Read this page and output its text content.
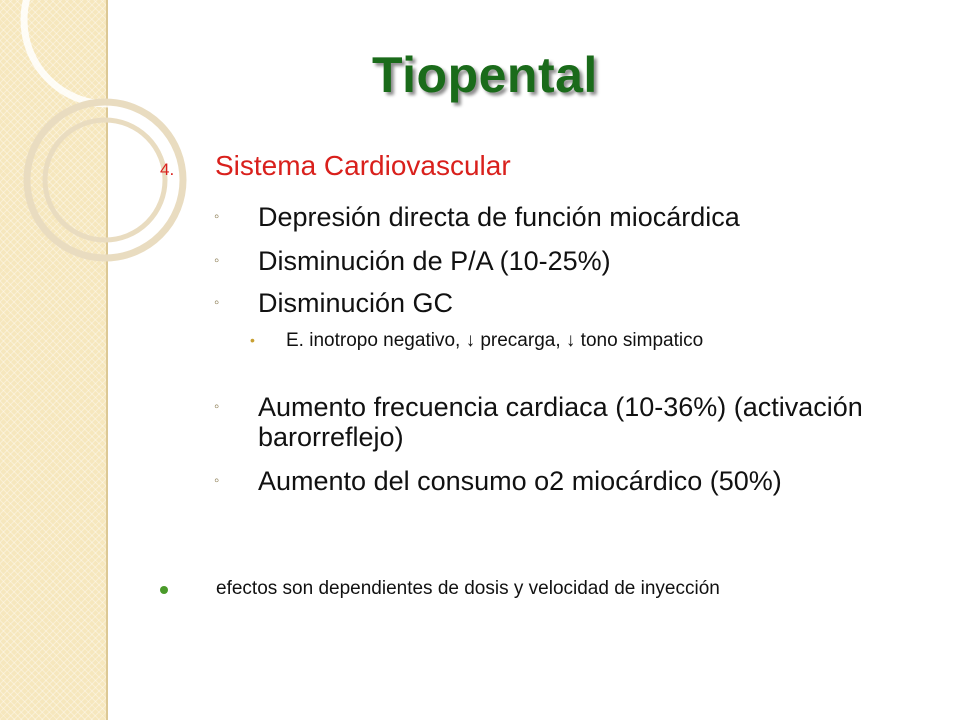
Tiopental
4. Sistema Cardiovascular
◦ Depresión directa de función miocárdica
◦ Disminución de P/A (10-25%)
◦ Disminución GC
• E. inotropo negativo, ↓ precarga, ↓ tono simpatico
◦ Aumento frecuencia cardiaca (10-36%) (activación barorreflejo)
◦ Aumento del consumo o2 miocárdico (50%)
efectos son dependientes de dosis y velocidad de inyección
